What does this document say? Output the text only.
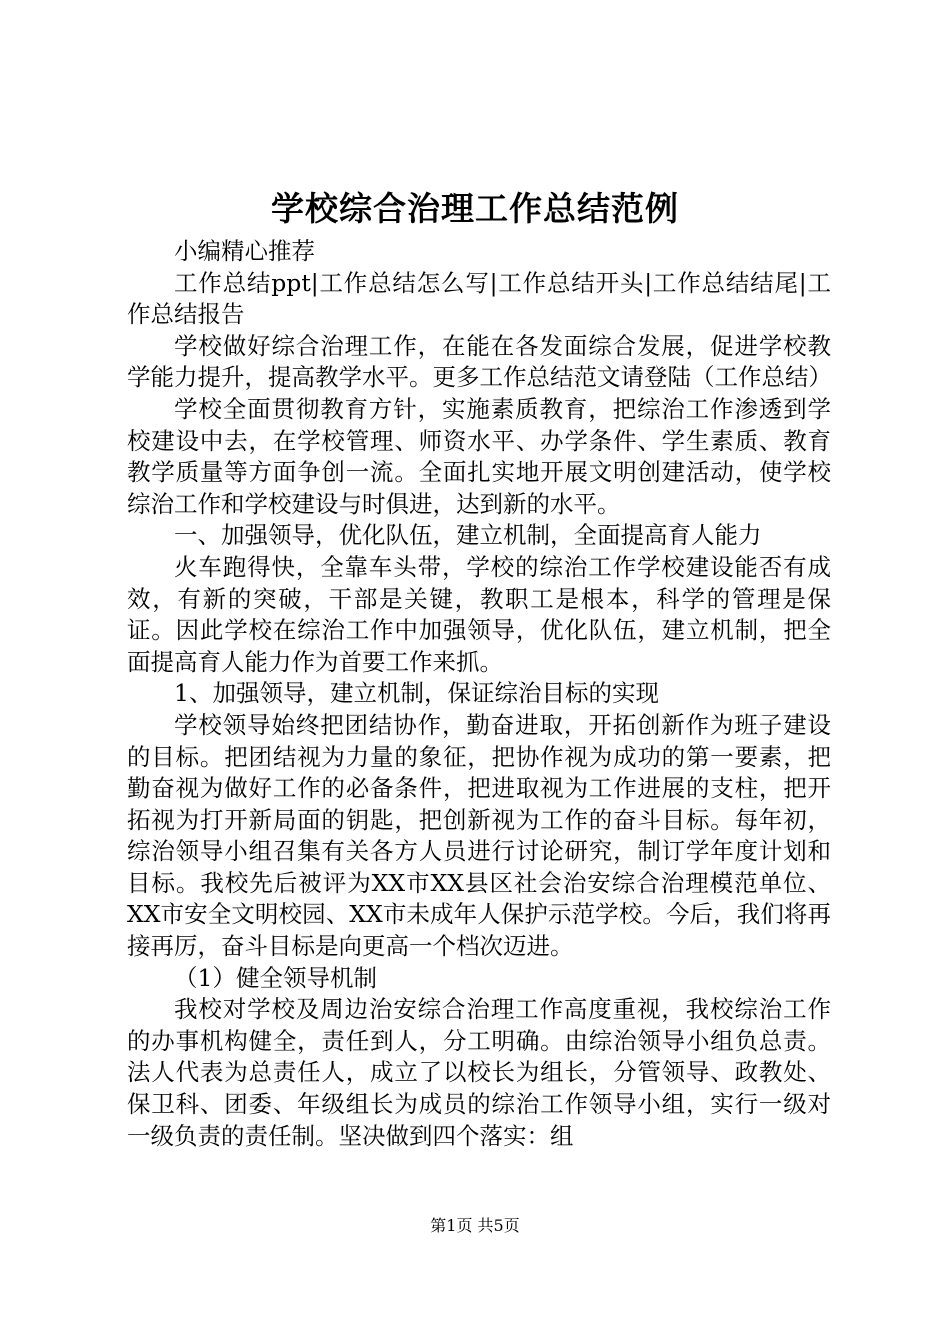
学校综合治理工作总结范例

小编精心推荐

工作总结ppt|工作总结怎么写|工作总结开头|工作总结结尾|工作总结报告

学校做好综合治理工作，在能在各发面综合发展，促进学校教学能力提升，提高教学水平。更多工作总结范文请登陆（工作总结）

学校全面贯彻教育方针，实施素质教育，把综治工作渗透到学校建设中去，在学校管理、师资水平、办学条件、学生素质、教育教学质量等方面争创一流。全面扎实地开展文明创建活动，使学校综治工作和学校建设与时俱进，达到新的水平。

一、加强领导，优化队伍，建立机制，全面提高育人能力

火车跑得快，全靠车头带，学校的综治工作学校建设能否有成效，有新的突破，干部是关键，教职工是根本，科学的管理是保证。因此学校在综治工作中加强领导，优化队伍，建立机制，把全面提高育人能力作为首要工作来抓。

1、加强领导，建立机制，保证综治目标的实现

学校领导始终把团结协作，勤奋进取，开拓创新作为班子建设的目标。把团结视为力量的象征，把协作视为成功的第一要素，把勤奋视为做好工作的必备条件，把进取视为工作进展的支柱，把开拓视为打开新局面的钥匙，把创新视为工作的奋斗目标。每年初，综治领导小组召集有关各方人员进行讨论研究，制订学年度计划和目标。我校先后被评为XX市XX县区社会治安综合治理模范单位、XX市安全文明校园、XX市未成年人保护示范学校。今后，我们将再接再厉，奋斗目标是向更高一个档次迈进。

（1）健全领导机制

我校对学校及周边治安综合治理工作高度重视，我校综治工作的办事机构健全，责任到人，分工明确。由综治领导小组负总责。法人代表为总责任人，成立了以校长为组长，分管领导、政教处、保卫科、团委、年级组长为成员的综治工作领导小组，实行一级对一级负责的责任制。坚决做到四个落实：组

第1页 共5页
